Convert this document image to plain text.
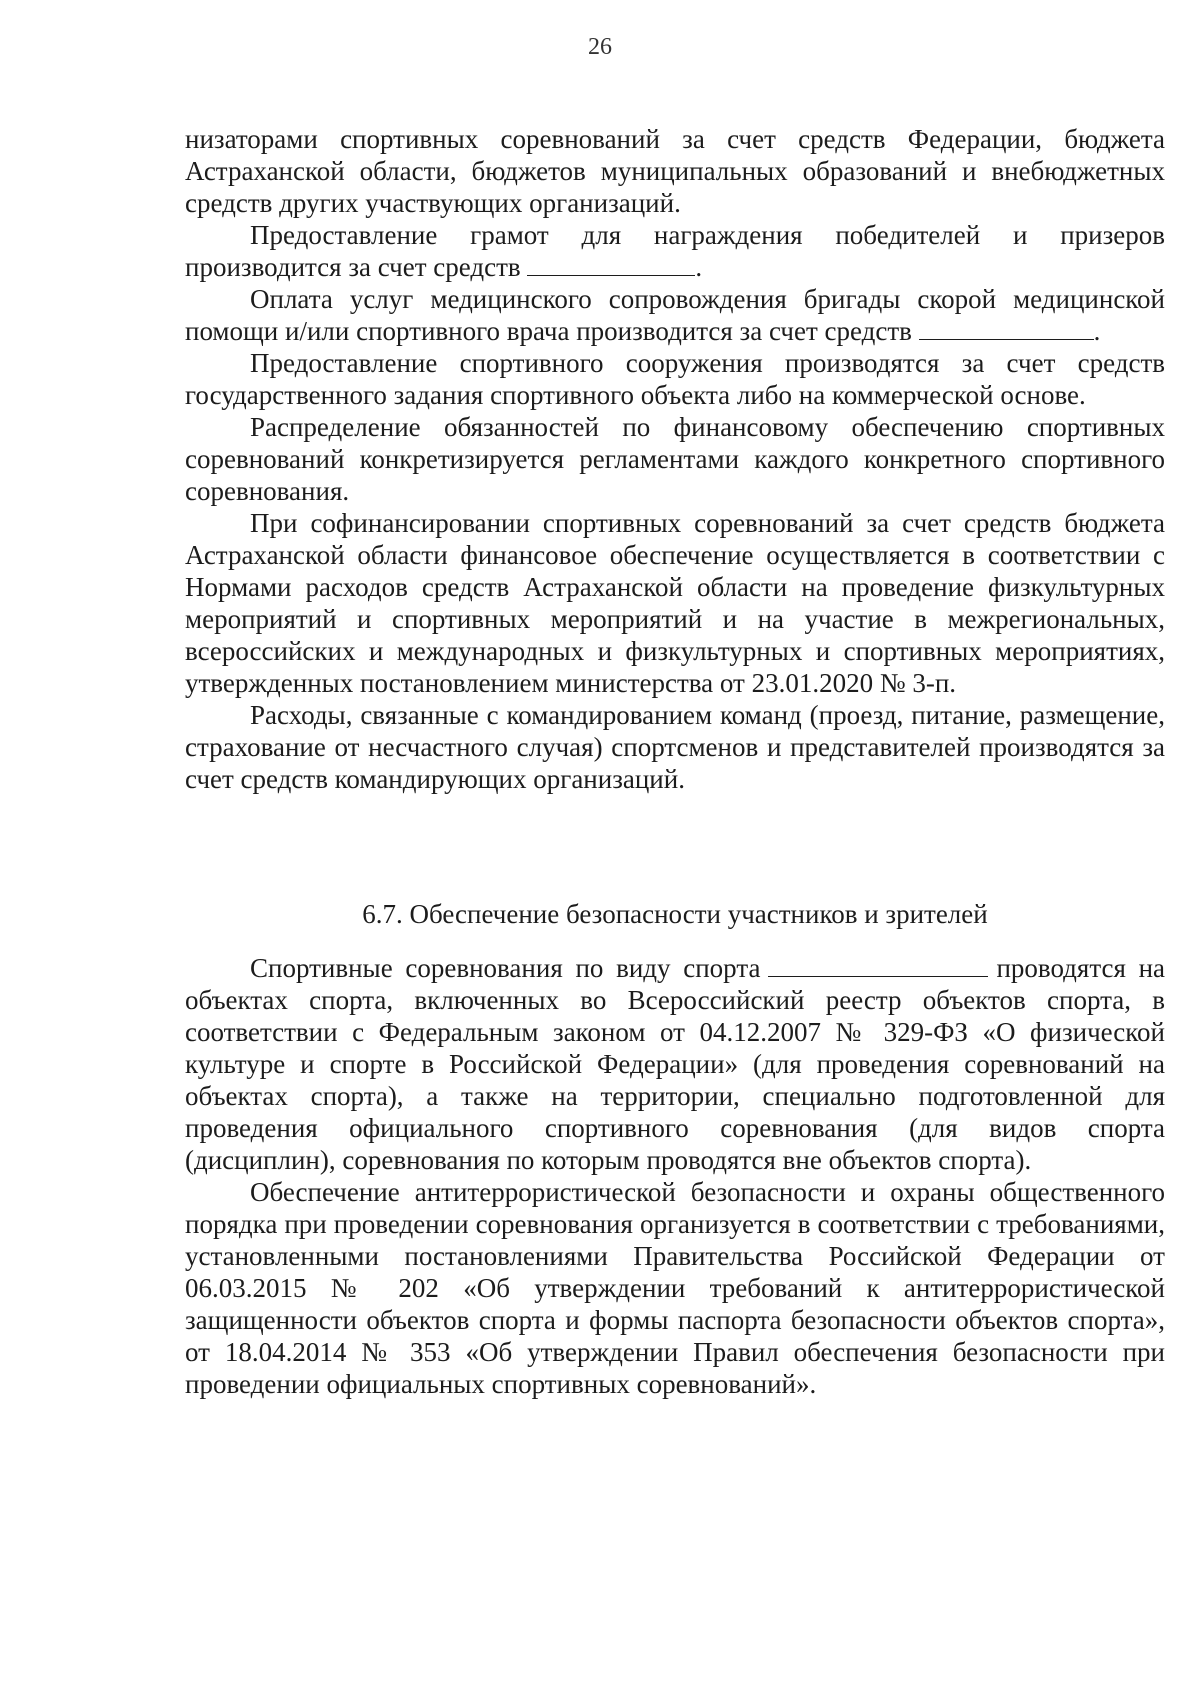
26

низаторами спортивных соревнований за счет средств Федерации, бюджета Астраханской области, бюджетов муниципальных образований и внебюджетных средств других участвующих организаций.

Предоставление грамот для награждения победителей и призеров производится за счет средств	.

Оплата услуг медицинского сопровождения бригады скорой медицинской помощи и/или спортивного врача производится за счет средств	.

Предоставление спортивного сооружения производятся за счет средств государственного задания спортивного объекта либо на коммерческой основе.

Распределение обязанностей по финансовому обеспечению спортивных соревнований конкретизируется регламентами каждого конкретного спортивного соревнования.

При софинансировании спортивных соревнований за счет средств бюджета Астраханской области финансовое обеспечение осуществляется в соответствии с Нормами расходов средств Астраханской области на проведение физкультурных мероприятий и спортивных мероприятий и на участие в межрегиональных, всероссийских и международных и физкультурных и спортивных мероприятиях, утвержденных постановлением министерства от 23.01.2020 № 3-п.

Расходы, связанные с командированием команд (проезд, питание, размещение, страхование от несчастного случая) спортсменов и представителей производятся за счет средств командирующих организаций.

6.7. Обеспечение безопасности участников и зрителей

Спортивные соревнования по виду спорта	проводятся на объектах спорта, включенных во Всероссийский реестр объектов спорта, в соответствии с Федеральным законом от 04.12.2007 № 329-ФЗ «О физической культуре и спорте в Российской Федерации» (для проведения соревнований на объектах спорта), а также на территории, специально подготовленной для проведения официального спортивного соревнования (для видов спорта (дисциплин), соревнования по которым проводятся вне объектов спорта).

Обеспечение антитеррористической безопасности и охраны общественного порядка при проведении соревнования организуется в соответствии с требованиями, установленными постановлениями Правительства Российской Федерации от 06.03.2015 № 202 «Об утверждении требований к антитеррористической защищенности объектов спорта и формы паспорта безопасности объектов спорта», от 18.04.2014 № 353 «Об утверждении Правил обеспечения безопасности при проведении официальных спортивных соревнований».
